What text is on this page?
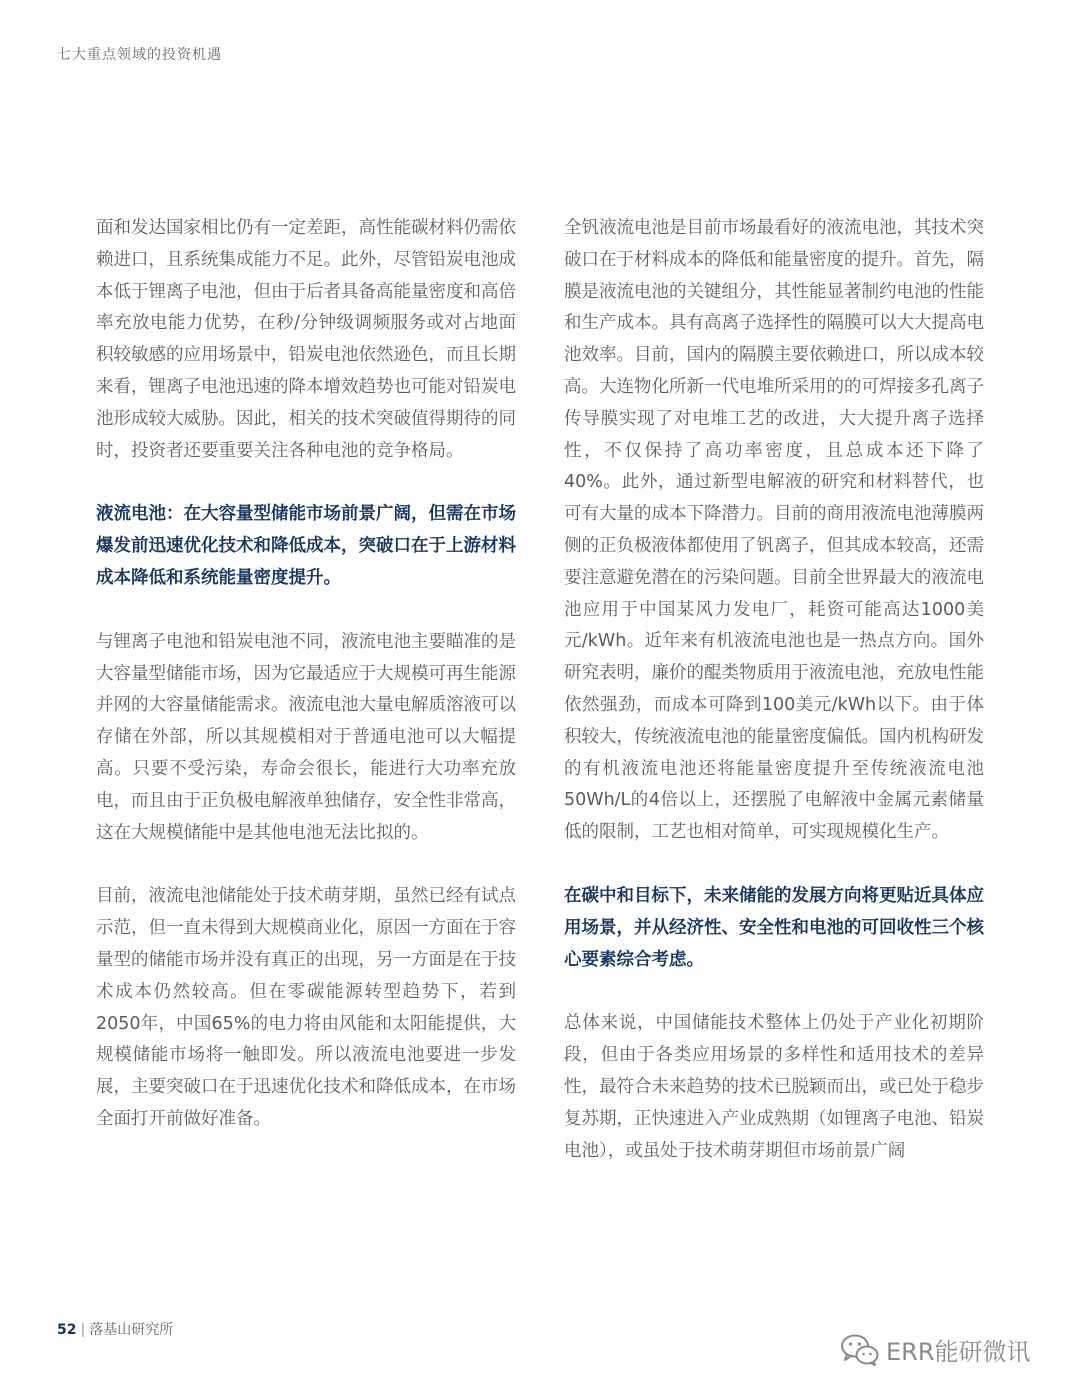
七大重点领域的投资机遇

面和发达国家相比仍有一定差距，高性能碳材料仍需依赖进口，且系统集成能力不足。此外，尽管铅炭电池成本低于锂离子电池，但由于后者具备高能量密度和高倍率充放电能力优势，在秒/分钟级调频服务或对占地面积较敏感的应用场景中，铅炭电池依然逊色，而且长期来看，锂离子电池迅速的降本增效趋势也可能对铅炭电池形成较大威胁。因此，相关的技术突破值得期待的同时，投资者还要重要关注各种电池的竞争格局。

液流电池：在大容量型储能市场前景广阔，但需在市场爆发前迅速优化技术和降低成本，突破口在于上游材料成本降低和系统能量密度提升。

与锂离子电池和铅炭电池不同，液流电池主要瞄准的是大容量型储能市场，因为它最适应于大规模可再生能源并网的大容量储能需求。液流电池大量电解质溶液可以存储在外部，所以其规模相对于普通电池可以大幅提高。只要不受污染，寿命会很长，能进行大功率充放电，而且由于正负极电解液单独储存，安全性非常高，这在大规模储能中是其他电池无法比拟的。

目前，液流电池储能处于技术萌芽期，虽然已经有试点示范，但一直未得到大规模商业化，原因一方面在于容量型的储能市场并没有真正的出现，另一方面是在于技术成本仍然较高。但在零碳能源转型趋势下，若到2050年，中国65%的电力将由风能和太阳能提供，大规模储能市场将一触即发。所以液流电池要进一步发展，主要突破口在于迅速优化技术和降低成本，在市场全面打开前做好准备。

全钒液流电池是目前市场最看好的液流电池，其技术突破口在于材料成本的降低和能量密度的提升。首先，隔膜是液流电池的关键组分，其性能显著制约电池的性能和生产成本。具有高离子选择性的隔膜可以大大提高电池效率。目前，国内的隔膜主要依赖进口，所以成本较高。大连物化所新一代电堆所采用的的可焊接多孔离子传导膜实现了对电堆工艺的改进，大大提升离子选择性，不仅保持了高功率密度，且总成本还下降了40%。此外，通过新型电解液的研究和材料替代，也可有大量的成本下降潜力。目前的商用液流电池薄膜两侧的正负极液体都使用了钒离子，但其成本较高，还需要注意避免潜在的污染问题。目前全世界最大的液流电池应用于中国某风力发电厂，耗资可能高达1000美元/kWh。近年来有机液流电池也是一热点方向。国外研究表明，廉价的醌类物质用于液流电池，充放电性能依然强劲，而成本可降到100美元/kWh以下。由于体积较大，传统液流电池的能量密度偏低。国内机构研发的有机液流电池还将能量密度提升至传统液流电池50Wh/L的4倍以上，还摆脱了电解液中金属元素储量低的限制，工艺也相对简单，可实现规模化生产。

在碳中和目标下，未来储能的发展方向将更贴近具体应用场景，并从经济性、安全性和电池的可回收性三个核心要素综合考虑。

总体来说，中国储能技术整体上仍处于产业化初期阶段，但由于各类应用场景的多样性和适用技术的差异性，最符合未来趋势的技术已脱颖而出，或已处于稳步复苏期，正快速进入产业成熟期（如锂离子电池、铅炭电池），或虽处于技术萌芽期但市场前景广阔

52 | 落基山研究所
ERR能研微讯
